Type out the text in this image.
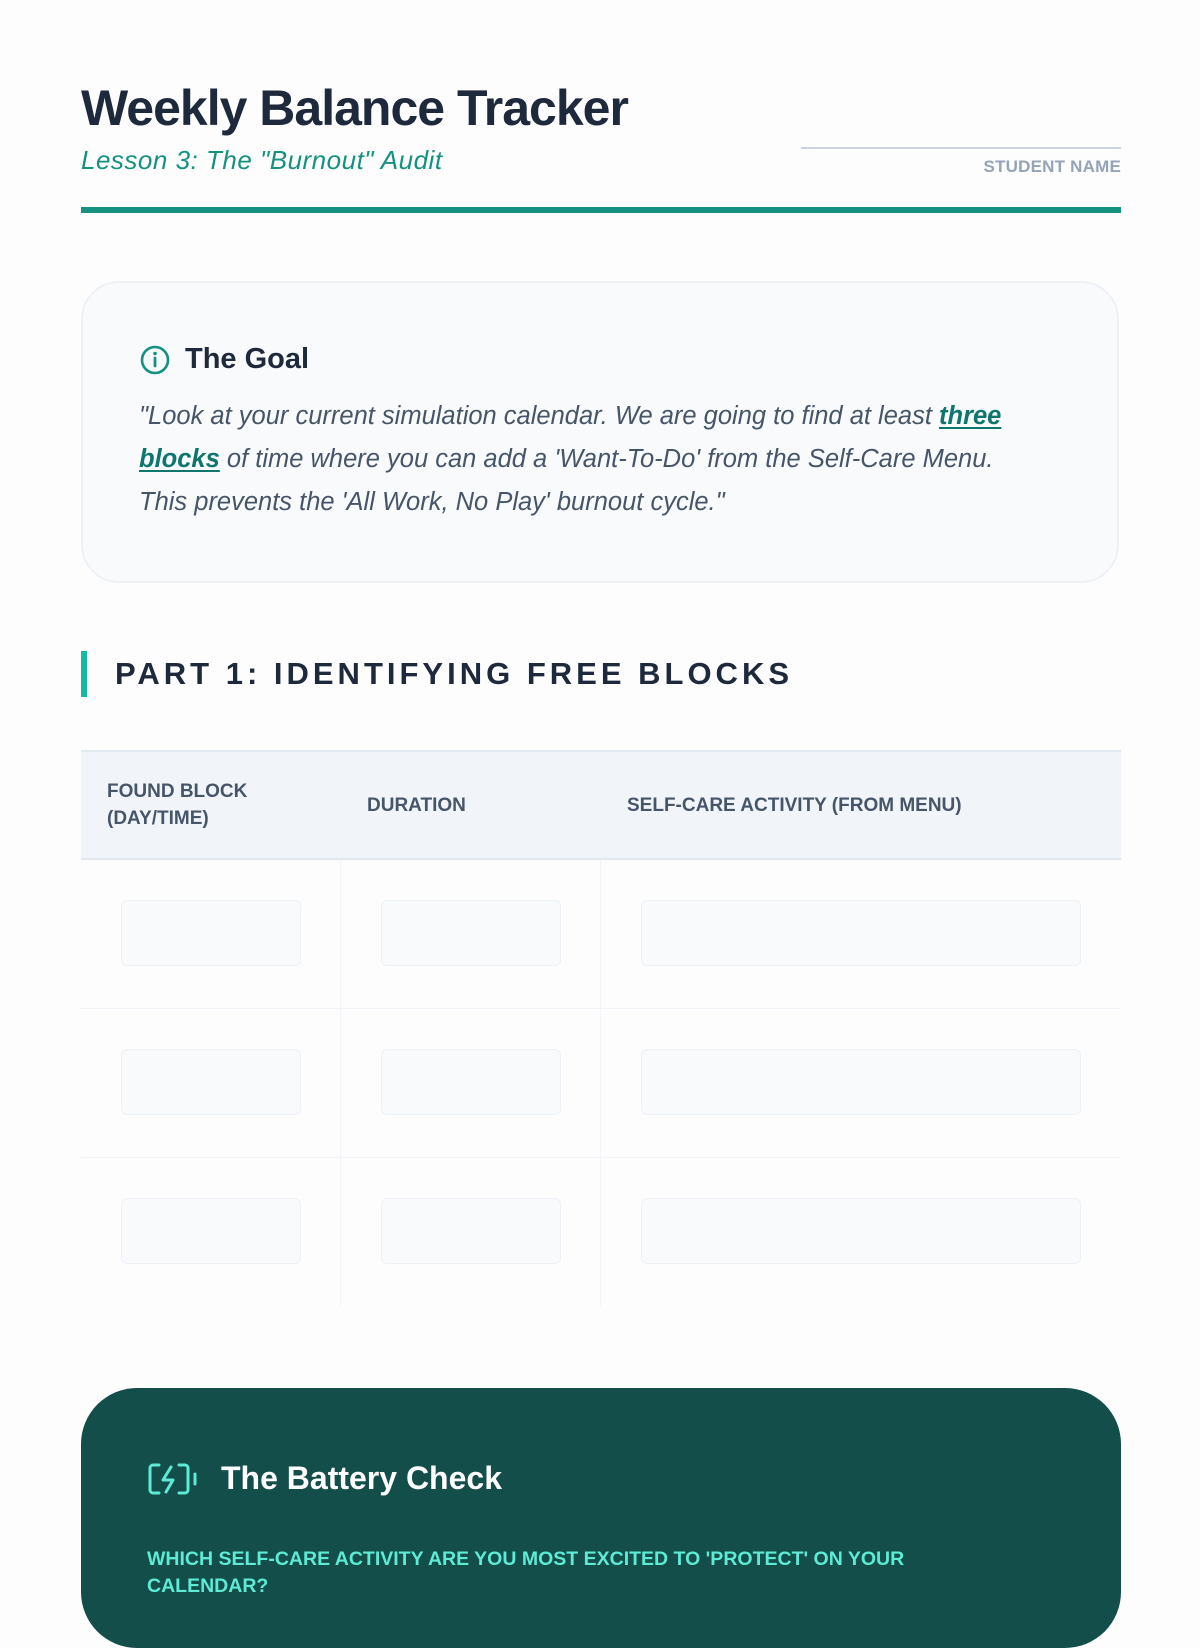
Weekly Balance Tracker
Lesson 3: The "Burnout" Audit	STUDENT NAME
The Goal

"Look at your current simulation calendar. We are going to find at least three blocks of time where you can add a 'Want-To-Do' from the Self-Care Menu. This prevents the 'All Work, No Play' burnout cycle."

PART 1: IDENTIFYING FREE BLOCKS
FOUND BLOCK (DAY/TIME)
DURATION	SELF-CARE ACTIVITY (FROM MENU)
The Battery Check

WHICH SELF-CARE ACTIVITY ARE YOU MOST EXCITED TO 'PROTECT' ON YOUR CALENDAR?
